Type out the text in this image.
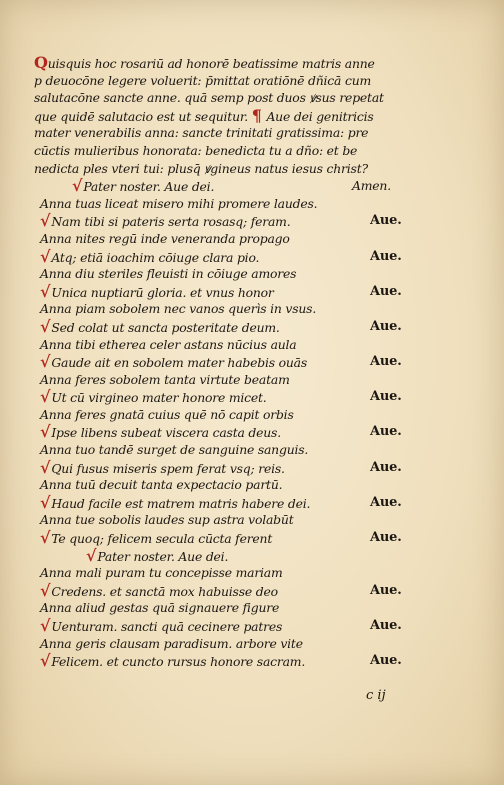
Quisquis hoc rosariū ad honorē beatissime matris anne
p deuocōne legere voluerit: p̄mittat oratiōnē dñicā cum
salutacōne sancte anne. quā semp post duos ꝟsus repetat
que quidē salutacio est ut sequitur. ¶ Aue dei genitricis
mater venerabilis anna: sancte trinitati gratissima: pre
cūctis mulieribus honorata: benedicta tu a dño: et be
nedicta ples vteri tui: plusq̄ ꝟgineus natus iesus christ?
√Pater noster. Aue dei.	Amen.
Anna tuas liceat misero mihi promere laudes.
√Nam tibi si pateris serta rosasq; feram.	Aue.
Anna nites regū inde veneranda propago
√Atq; etiā ioachim cōiuge clara pio.	Aue.
Anna diu steriles fleuisti in cōiuge amores
√Unica nuptiarū gloria. et vnus honor	Aue.
Anna piam sobolem nec vanos querìs in vsus.
√Sed colat ut sancta posteritate deum.	Aue.
Anna tibi etherea celer astans nūcius aula
√Gaude ait en sobolem mater habebis ouās	Aue.
Anna feres sobolem tanta virtute beatam
√Ut cū virgineo mater honore micet.	Aue.
Anna feres gnatā cuius quē nō capit orbis
√Ipse libens subeat viscera casta deus.	Aue.
Anna tuo tandē surget de sanguine sanguis.
√Qui fusus miseris spem ferat vsq; reis.	Aue.
Anna tuū decuit tanta expectacio partū.
√Haud facile est matrem matris habere dei.	Aue.
Anna tue sobolis laudes sup astra volabūt
√Te quoq; felicem secula cūcta ferent	Aue.
√Pater noster. Aue dei.
Anna mali puram tu concepisse mariam
√Credens. et sanctā mox habuisse deo	Aue.
Anna aliud gestas quā signauere figure
√Uenturam. sancti quā cecinere patres	Aue.
Anna geris clausam paradisum. arbore vite
√Felicem. et cuncto rursus honore sacram.	Aue.
c ij
